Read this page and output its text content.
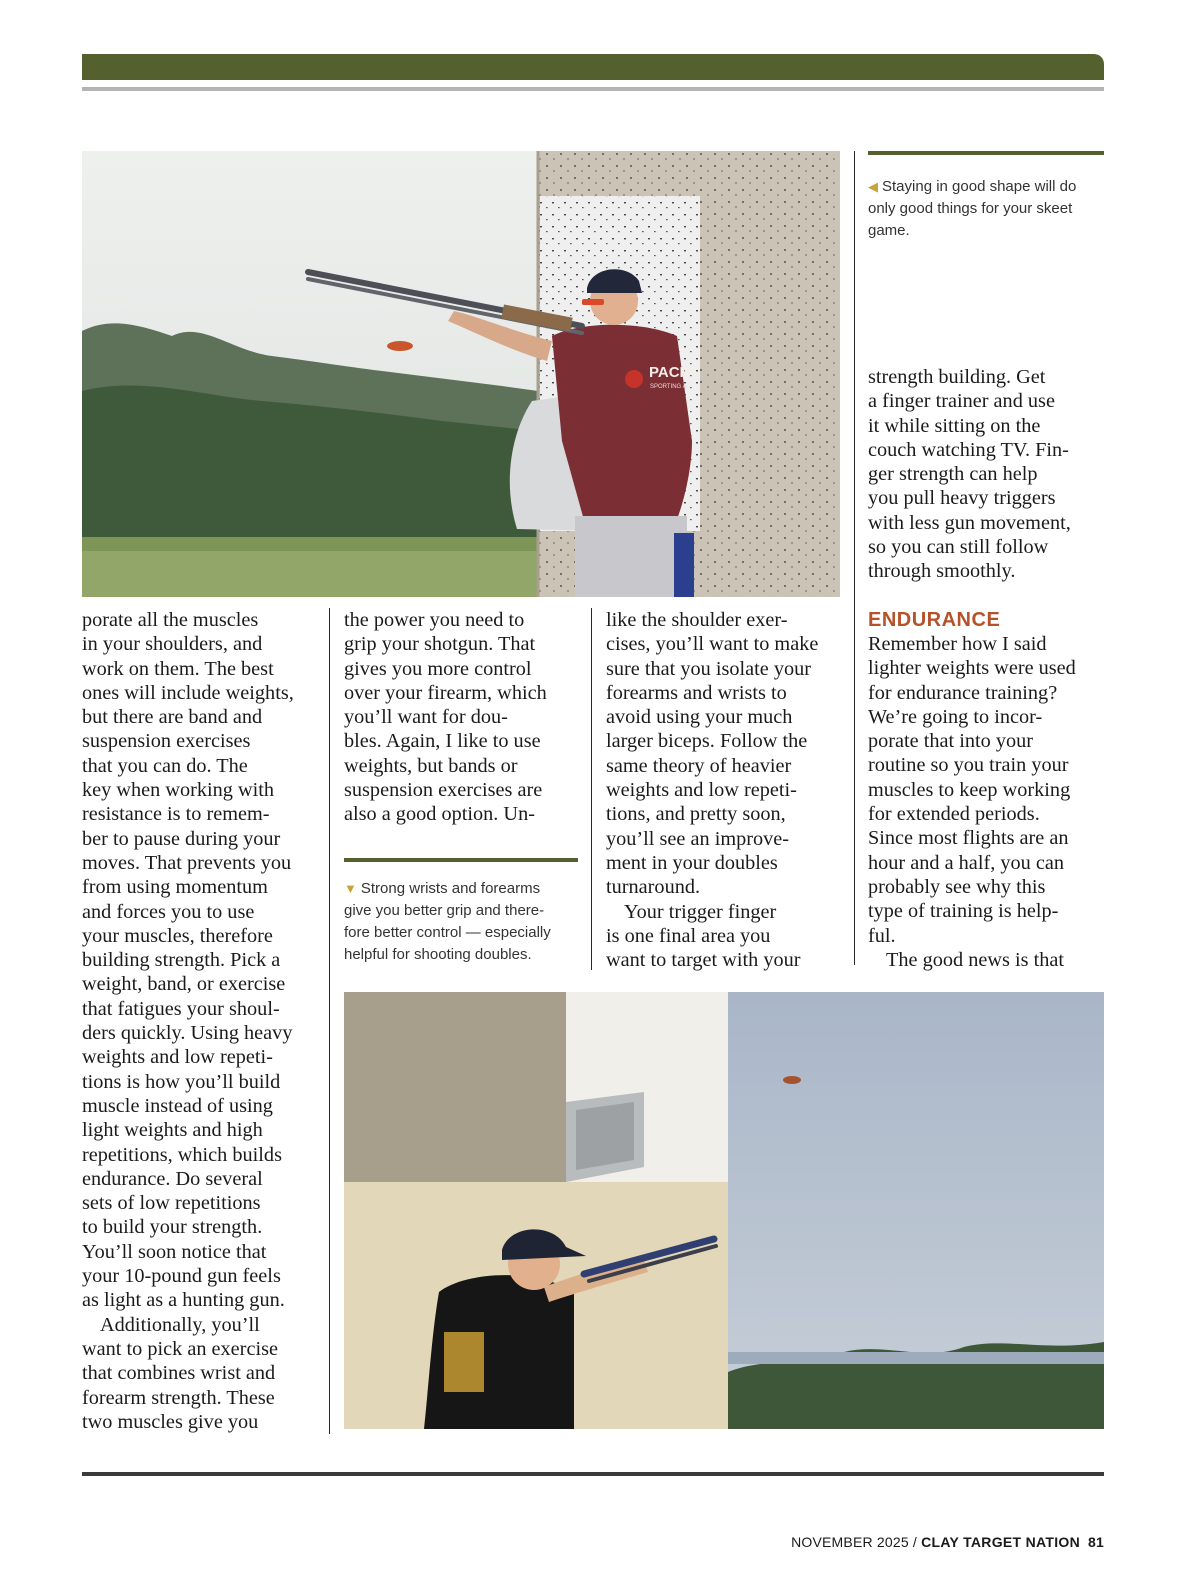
PACIFI
SPORTING A
◀ Staying in good shape will do
only good things for your skeet
game.

strength building. Get
a finger trainer and use
it while sitting on the
couch watching TV. Fin-
ger strength can help
you pull heavy triggers
with less gun movement,
so you can still follow
through smoothly.

porate all the muscles
in your shoulders, and
work on them. The best
ones will include weights,
but there are band and
suspension exercises
that you can do. The
key when working with
resistance is to remem-
ber to pause during your
moves. That prevents you
from using momentum
and forces you to use
your muscles, therefore
building strength. Pick a
weight, band, or exercise
that fatigues your shoul-
ders quickly. Using heavy
weights and low repeti-
tions is how you’ll build
muscle instead of using
light weights and high
repetitions, which builds
endurance. Do several
sets of low repetitions
to build your strength.
You’ll soon notice that
your 10-pound gun feels
as light as a hunting gun.

Additionally, you’ll
want to pick an exercise
that combines wrist and
forearm strength. These
two muscles give you

the power you need to
grip your shotgun. That
gives you more control
over your firearm, which
you’ll want for dou-
bles. Again, I like to use
weights, but bands or
suspension exercises are
also a good option. Un-

▼ Strong wrists and forearms
give you better grip and there-
fore better control — especially
helpful for shooting doubles.

like the shoulder exer-
cises, you’ll want to make
sure that you isolate your
forearms and wrists to
avoid using your much
larger biceps. Follow the
same theory of heavier
weights and low repeti-
tions, and pretty soon,
you’ll see an improve-
ment in your doubles
turnaround.

Your trigger finger
is one final area you
want to target with your

ENDURANCE

Remember how I said
lighter weights were used
for endurance training?
We’re going to incor-
porate that into your
routine so you train your
muscles to keep working
for extended periods.
Since most flights are an
hour and a half, you can
probably see why this
type of training is help-
ful.

The good news is that

NOVEMBER 2025 / CLAY TARGET NATION 81
